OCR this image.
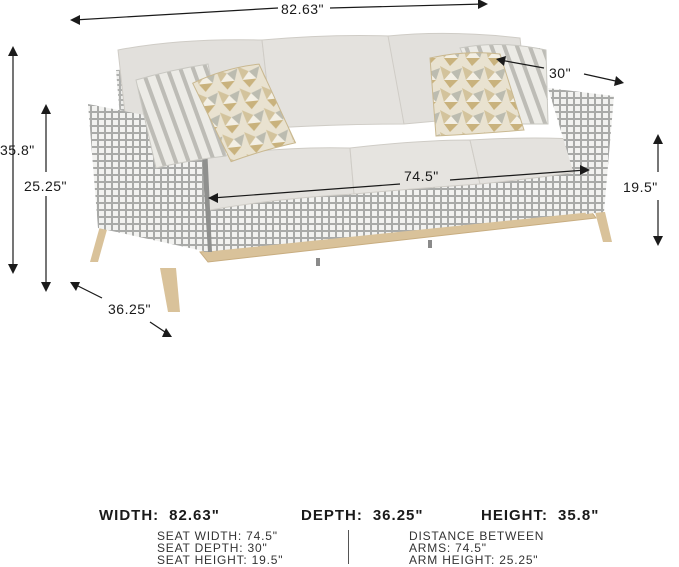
82.63"
30"
35.8"
25.25"
74.5"
19.5"
36.25"
WIDTH: 82.63"	DEPTH: 36.25"	HEIGHT: 35.8"
SEAT WIDTH: 74.5"
SEAT DEPTH: 30"
SEAT HEIGHT: 19.5"
DISTANCE BETWEEN
ARMS: 74.5"
ARM HEIGHT: 25.25"
